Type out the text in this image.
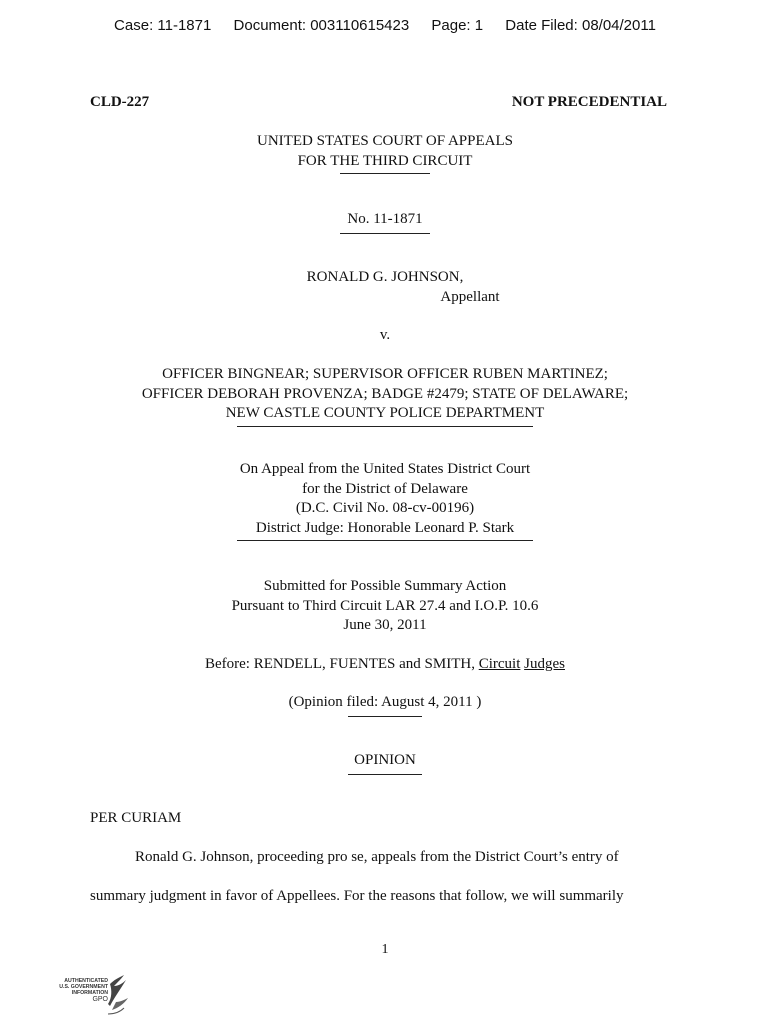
Case: 11-1871 Document: 003110615423 Page: 1 Date Filed: 08/04/2011
CLD-227	NOT PRECEDENTIAL
UNITED STATES COURT OF APPEALS
FOR THE THIRD CIRCUIT
No. 11-1871
RONALD G. JOHNSON,
Appellant
v.
OFFICER BINGNEAR; SUPERVISOR OFFICER RUBEN MARTINEZ;
OFFICER DEBORAH PROVENZA; BADGE #2479; STATE OF DELAWARE;
NEW CASTLE COUNTY POLICE DEPARTMENT
On Appeal from the United States District Court
for the District of Delaware
(D.C. Civil No. 08-cv-00196)
District Judge: Honorable Leonard P. Stark
Submitted for Possible Summary Action
Pursuant to Third Circuit LAR 27.4 and I.O.P. 10.6
June 30, 2011
Before: RENDELL, FUENTES and SMITH, Circuit Judges
(Opinion filed: August 4, 2011 )
OPINION
PER CURIAM
Ronald G. Johnson, proceeding pro se, appeals from the District Court’s entry of
summary judgment in favor of Appellees. For the reasons that follow, we will summarily
1
AUTHENTICATED
U.S. GOVERNMENT
INFORMATION
GPO
